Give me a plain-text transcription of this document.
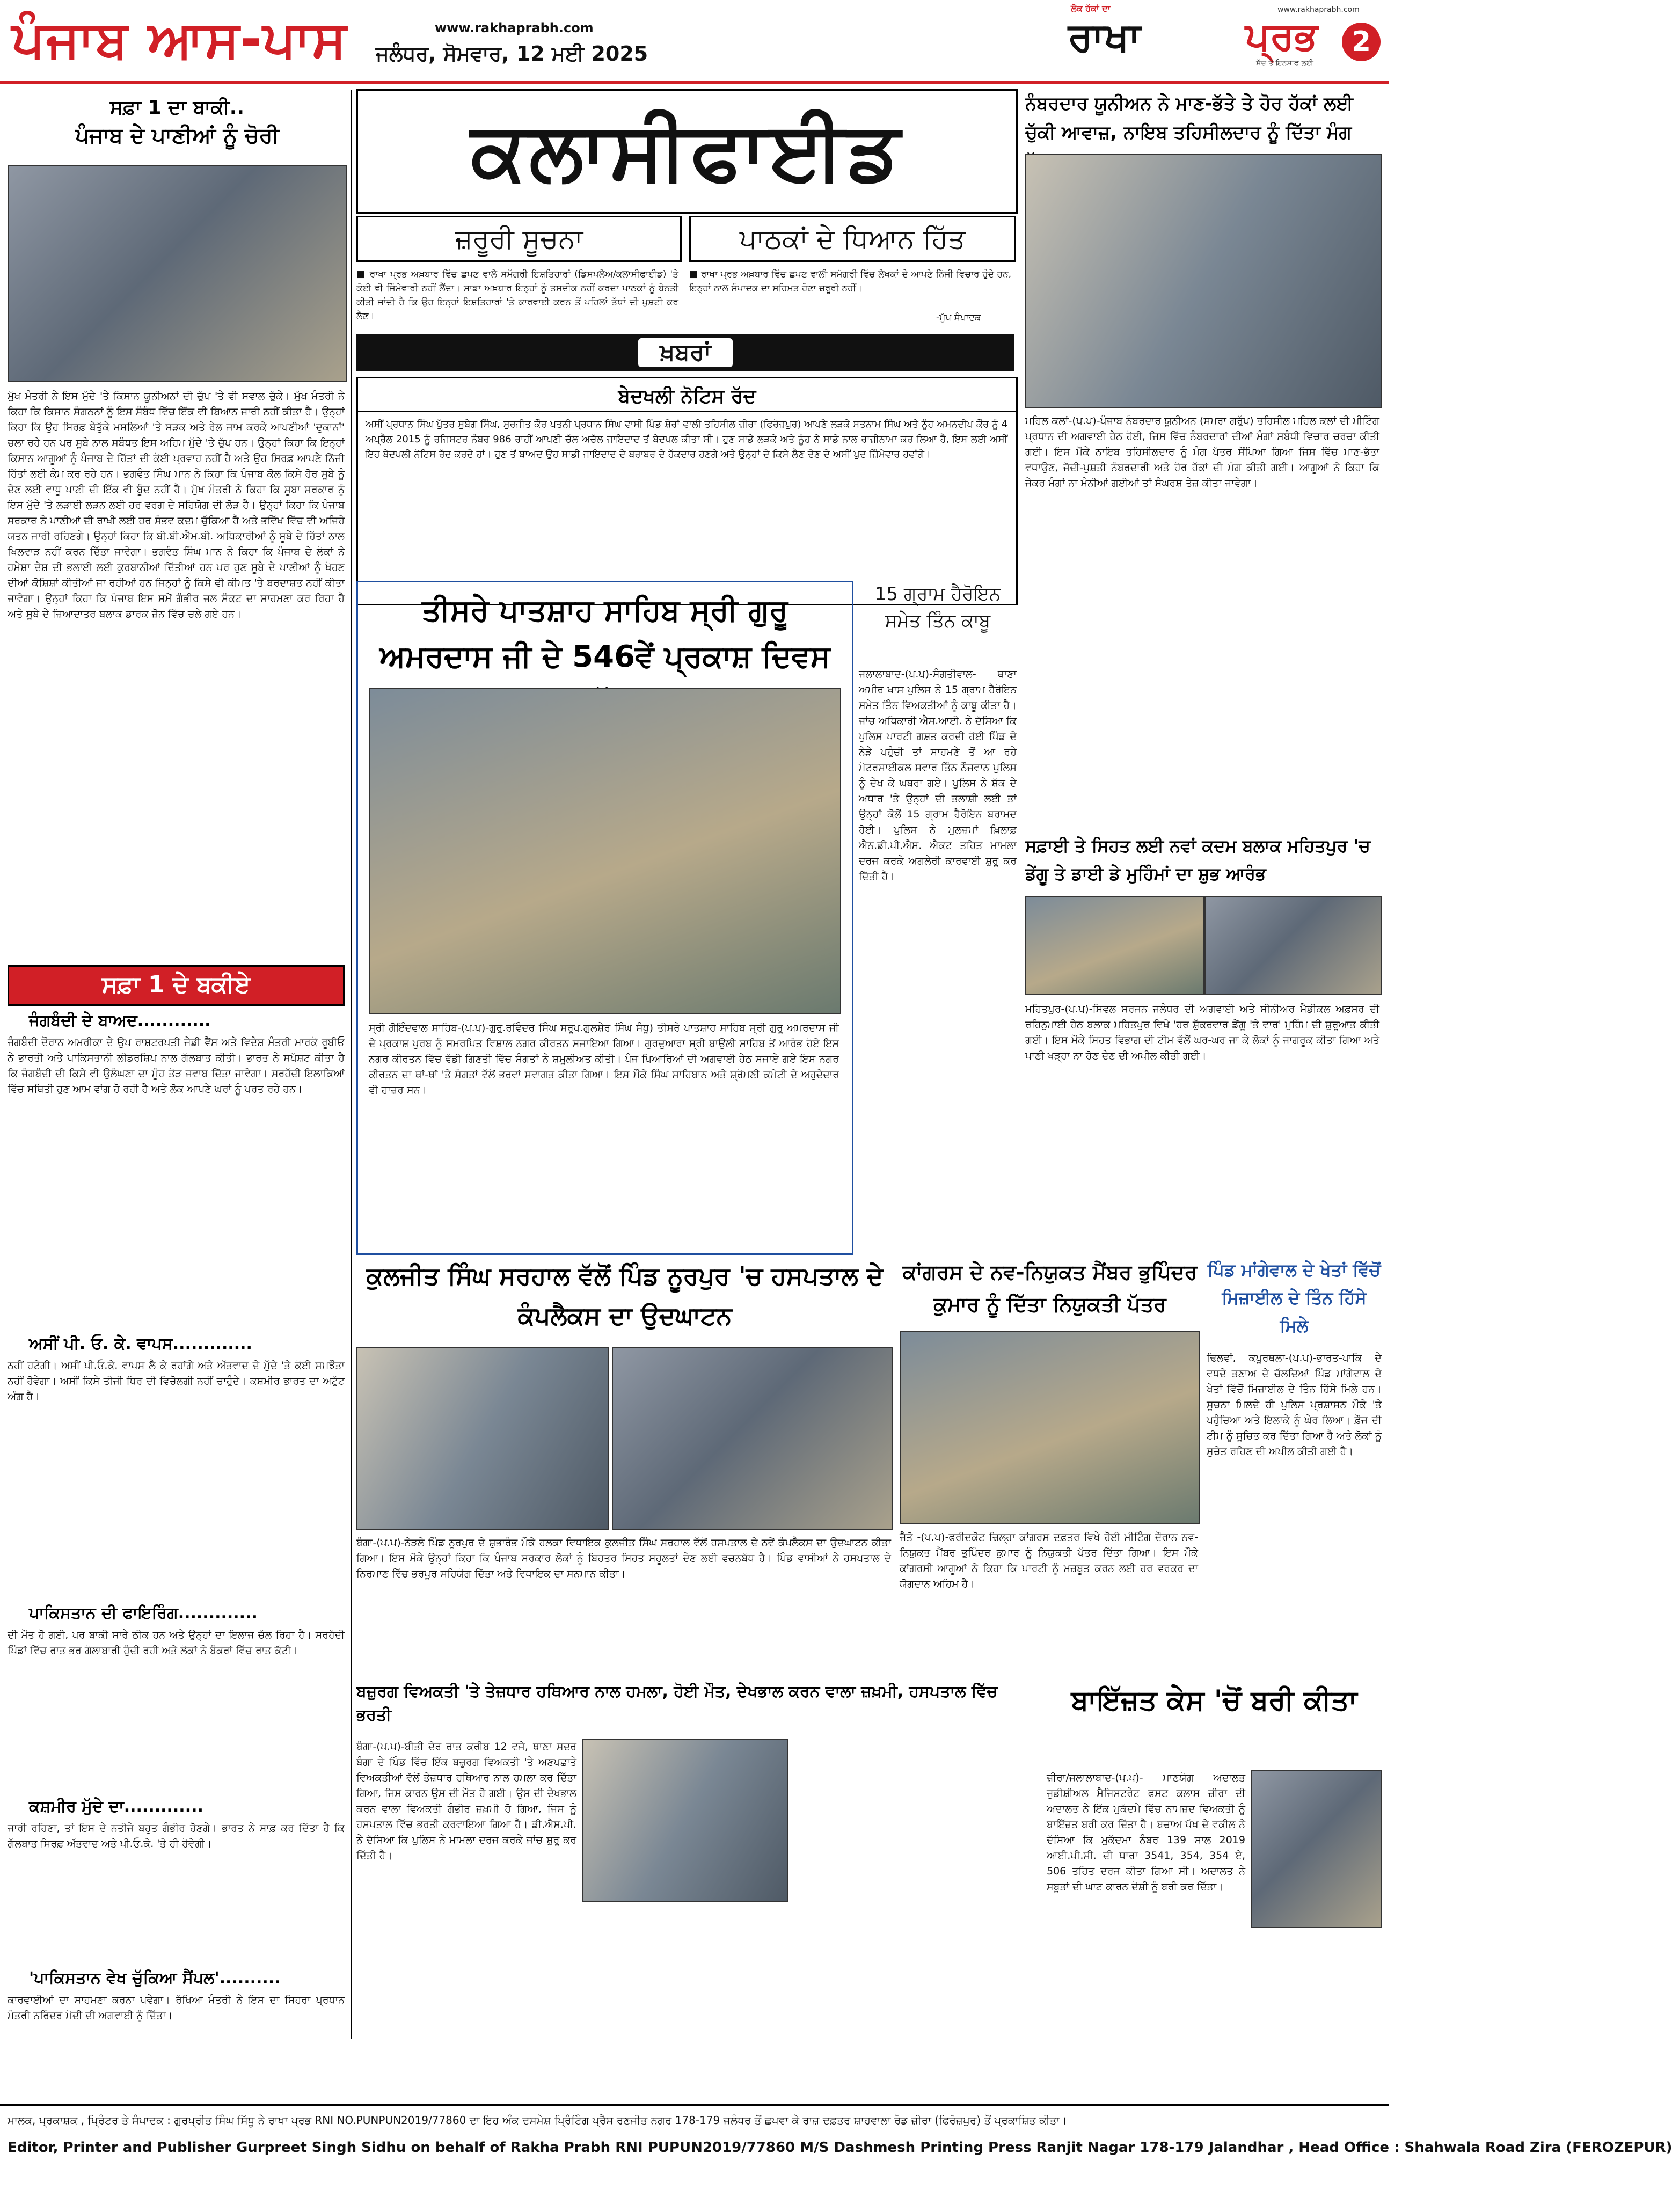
ਪੰਜਾਬ ਆਸ-ਪਾਸ	www.rakhaprabh.com
ਜਲੰਧਰ, ਸੋਮਵਾਰ, 12 ਮਈ 2025
ਲੋਕ ਹੱਕਾਂ ਦਾ
ਰਾਖਾ
www.rakhaprabh.com
ਪ੍ਰਭ
ਸੱਚ ਤੇ ਇਨਸਾਫ ਲਈ
2
ਸਫ਼ਾ 1 ਦਾ ਬਾਕੀ..
ਪੰਜਾਬ ਦੇ ਪਾਣੀਆਂ ਨੂੰ ਚੋਰੀ
ਮੁੱਖ ਮੰਤਰੀ ਨੇ ਇਸ ਮੁੱਦੇ 'ਤੇ ਕਿਸਾਨ ਯੂਨੀਅਨਾਂ ਦੀ ਚੁੱਪ 'ਤੇ ਵੀ ਸਵਾਲ ਚੁੱਕੇ। ਮੁੱਖ ਮੰਤਰੀ ਨੇ ਕਿਹਾ ਕਿ ਕਿਸਾਨ ਸੰਗਠਨਾਂ ਨੂੰ ਇਸ ਸੰਬੰਧ ਵਿੱਚ ਇੱਕ ਵੀ ਬਿਆਨ ਜਾਰੀ ਨਹੀਂ ਕੀਤਾ ਹੈ। ਉਨ੍ਹਾਂ ਕਿਹਾ ਕਿ ਉਹ ਸਿਰਫ਼ ਬੇਤੁੱਕੇ ਮਸਲਿਆਂ 'ਤੇ ਸੜਕ ਅਤੇ ਰੇਲ ਜਾਮ ਕਰਕੇ ਆਪਣੀਆਂ 'ਦੁਕਾਨਾਂ' ਚਲਾ ਰਹੇ ਹਨ ਪਰ ਸੂਬੇ ਨਾਲ ਸਬੰਧਤ ਇਸ ਅਹਿਮ ਮੁੱਦੇ 'ਤੇ ਚੁੱਪ ਹਨ। ਉਨ੍ਹਾਂ ਕਿਹਾ ਕਿ ਇਨ੍ਹਾਂ ਕਿਸਾਨ ਆਗੂਆਂ ਨੂੰ ਪੰਜਾਬ ਦੇ ਹਿੱਤਾਂ ਦੀ ਕੋਈ ਪ੍ਰਵਾਹ ਨਹੀਂ ਹੈ ਅਤੇ ਉਹ ਸਿਰਫ਼ ਆਪਣੇ ਨਿੱਜੀ ਹਿੱਤਾਂ ਲਈ ਕੰਮ ਕਰ ਰਹੇ ਹਨ। ਭਗਵੰਤ ਸਿੰਘ ਮਾਨ ਨੇ ਕਿਹਾ ਕਿ ਪੰਜਾਬ ਕੋਲ ਕਿਸੇ ਹੋਰ ਸੂਬੇ ਨੂੰ ਦੇਣ ਲਈ ਵਾਧੂ ਪਾਣੀ ਦੀ ਇੱਕ ਵੀ ਬੂੰਦ ਨਹੀਂ ਹੈ। ਮੁੱਖ ਮੰਤਰੀ ਨੇ ਕਿਹਾ ਕਿ ਸੂਬਾ ਸਰਕਾਰ ਨੂੰ ਇਸ ਮੁੱਦੇ 'ਤੇ ਲੜਾਈ ਲੜਨ ਲਈ ਹਰ ਵਰਗ ਦੇ ਸਹਿਯੋਗ ਦੀ ਲੋੜ ਹੈ। ਉਨ੍ਹਾਂ ਕਿਹਾ ਕਿ ਪੰਜਾਬ ਸਰਕਾਰ ਨੇ ਪਾਣੀਆਂ ਦੀ ਰਾਖੀ ਲਈ ਹਰ ਸੰਭਵ ਕਦਮ ਚੁੱਕਿਆ ਹੈ ਅਤੇ ਭਵਿੱਖ ਵਿੱਚ ਵੀ ਅਜਿਹੇ ਯਤਨ ਜਾਰੀ ਰਹਿਣਗੇ। ਉਨ੍ਹਾਂ ਕਿਹਾ ਕਿ ਬੀ.ਬੀ.ਐਮ.ਬੀ. ਅਧਿਕਾਰੀਆਂ ਨੂੰ ਸੂਬੇ ਦੇ ਹਿੱਤਾਂ ਨਾਲ ਖਿਲਵਾੜ ਨਹੀਂ ਕਰਨ ਦਿੱਤਾ ਜਾਵੇਗਾ। ਭਗਵੰਤ ਸਿੰਘ ਮਾਨ ਨੇ ਕਿਹਾ ਕਿ ਪੰਜਾਬ ਦੇ ਲੋਕਾਂ ਨੇ ਹਮੇਸ਼ਾ ਦੇਸ਼ ਦੀ ਭਲਾਈ ਲਈ ਕੁਰਬਾਨੀਆਂ ਦਿੱਤੀਆਂ ਹਨ ਪਰ ਹੁਣ ਸੂਬੇ ਦੇ ਪਾਣੀਆਂ ਨੂੰ ਖੋਹਣ ਦੀਆਂ ਕੋਸ਼ਿਸ਼ਾਂ ਕੀਤੀਆਂ ਜਾ ਰਹੀਆਂ ਹਨ ਜਿਨ੍ਹਾਂ ਨੂੰ ਕਿਸੇ ਵੀ ਕੀਮਤ 'ਤੇ ਬਰਦਾਸ਼ਤ ਨਹੀਂ ਕੀਤਾ ਜਾਵੇਗਾ। ਉਨ੍ਹਾਂ ਕਿਹਾ ਕਿ ਪੰਜਾਬ ਇਸ ਸਮੇਂ ਗੰਭੀਰ ਜਲ ਸੰਕਟ ਦਾ ਸਾਹਮਣਾ ਕਰ ਰਿਹਾ ਹੈ ਅਤੇ ਸੂਬੇ ਦੇ ਜ਼ਿਆਦਾਤਰ ਬਲਾਕ ਡਾਰਕ ਜ਼ੋਨ ਵਿੱਚ ਚਲੇ ਗਏ ਹਨ।
ਸਫ਼ਾ 1 ਦੇ ਬਕੀਏ
ਜੰਗਬੰਦੀ ਦੇ ਬਾਅਦ............
ਜੰਗਬੰਦੀ ਦੌਰਾਨ ਅਮਰੀਕਾ ਦੇ ਉਪ ਰਾਸ਼ਟਰਪਤੀ ਜੇਡੀ ਵੈਂਸ ਅਤੇ ਵਿਦੇਸ਼ ਮੰਤਰੀ ਮਾਰਕੋ ਰੂਬੀਓ ਨੇ ਭਾਰਤੀ ਅਤੇ ਪਾਕਿਸਤਾਨੀ ਲੀਡਰਸ਼ਿਪ ਨਾਲ ਗੱਲਬਾਤ ਕੀਤੀ। ਭਾਰਤ ਨੇ ਸਪੱਸ਼ਟ ਕੀਤਾ ਹੈ ਕਿ ਜੰਗਬੰਦੀ ਦੀ ਕਿਸੇ ਵੀ ਉਲੰਘਣਾ ਦਾ ਮੂੰਹ ਤੋੜ ਜਵਾਬ ਦਿੱਤਾ ਜਾਵੇਗਾ। ਸਰਹੱਦੀ ਇਲਾਕਿਆਂ ਵਿੱਚ ਸਥਿਤੀ ਹੁਣ ਆਮ ਵਾਂਗ ਹੋ ਰਹੀ ਹੈ ਅਤੇ ਲੋਕ ਆਪਣੇ ਘਰਾਂ ਨੂੰ ਪਰਤ ਰਹੇ ਹਨ।
ਅਸੀਂ ਪੀ. ਓ. ਕੇ. ਵਾਪਸ.............
ਨਹੀਂ ਹਟੇਗੀ। ਅਸੀਂ ਪੀ.ਓ.ਕੇ. ਵਾਪਸ ਲੈ ਕੇ ਰਹਾਂਗੇ ਅਤੇ ਅੱਤਵਾਦ ਦੇ ਮੁੱਦੇ 'ਤੇ ਕੋਈ ਸਮਝੌਤਾ ਨਹੀਂ ਹੋਵੇਗਾ। ਅਸੀਂ ਕਿਸੇ ਤੀਜੀ ਧਿਰ ਦੀ ਵਿਚੋਲਗੀ ਨਹੀਂ ਚਾਹੁੰਦੇ। ਕਸ਼ਮੀਰ ਭਾਰਤ ਦਾ ਅਟੁੱਟ ਅੰਗ ਹੈ।
ਪਾਕਿਸਤਾਨ ਦੀ ਫਾਇਰਿੰਗ.............
ਦੀ ਮੌਤ ਹੋ ਗਈ, ਪਰ ਬਾਕੀ ਸਾਰੇ ਠੀਕ ਹਨ ਅਤੇ ਉਨ੍ਹਾਂ ਦਾ ਇਲਾਜ ਚੱਲ ਰਿਹਾ ਹੈ। ਸਰਹੱਦੀ ਪਿੰਡਾਂ ਵਿੱਚ ਰਾਤ ਭਰ ਗੋਲਾਬਾਰੀ ਹੁੰਦੀ ਰਹੀ ਅਤੇ ਲੋਕਾਂ ਨੇ ਬੰਕਰਾਂ ਵਿੱਚ ਰਾਤ ਕੱਟੀ।
ਕਸ਼ਮੀਰ ਮੁੱਦੇ ਦਾ.............
ਜਾਰੀ ਰਹਿਣਾ, ਤਾਂ ਇਸ ਦੇ ਨਤੀਜੇ ਬਹੁਤ ਗੰਭੀਰ ਹੋਣਗੇ। ਭਾਰਤ ਨੇ ਸਾਫ਼ ਕਰ ਦਿੱਤਾ ਹੈ ਕਿ ਗੱਲਬਾਤ ਸਿਰਫ਼ ਅੱਤਵਾਦ ਅਤੇ ਪੀ.ਓ.ਕੇ. 'ਤੇ ਹੀ ਹੋਵੇਗੀ।
'ਪਾਕਿਸਤਾਨ ਵੇਖ ਚੁੱਕਿਆ ਸੈਂਪਲ'..........
ਕਾਰਵਾਈਆਂ ਦਾ ਸਾਹਮਣਾ ਕਰਨਾ ਪਵੇਗਾ। ਰੱਖਿਆ ਮੰਤਰੀ ਨੇ ਇਸ ਦਾ ਸਿਹਰਾ ਪ੍ਰਧਾਨ ਮੰਤਰੀ ਨਰਿੰਦਰ ਮੋਦੀ ਦੀ ਅਗਵਾਈ ਨੂੰ ਦਿੱਤਾ।
ਕਲਾਸੀਫਾਈਡ
ਜ਼ਰੂਰੀ ਸੂਚਨਾ	ਪਾਠਕਾਂ ਦੇ ਧਿਆਨ ਹਿੱਤ
■ ਰਾਖਾ ਪ੍ਰਭ ਅਖ਼ਬਾਰ ਵਿੱਚ ਛਪਣ ਵਾਲੇ ਸਮੱਗਰੀ ਇਸ਼ਤਿਹਾਰਾਂ (ਡਿਸਪਲੇਅ/ਕਲਾਸੀਫਾਈਡ) 'ਤੇ ਕੋਈ ਵੀ ਜਿੰਮੇਵਾਰੀ ਨਹੀਂ ਲੈਂਦਾ। ਸਾਡਾ ਅਖ਼ਬਾਰ ਇਨ੍ਹਾਂ ਨੂੰ ਤਸਦੀਕ ਨਹੀਂ ਕਰਦਾ ਪਾਠਕਾਂ ਨੂੰ ਬੇਨਤੀ ਕੀਤੀ ਜਾਂਦੀ ਹੈ ਕਿ ਉਹ ਇਨ੍ਹਾਂ ਇਸ਼ਤਿਹਾਰਾਂ 'ਤੇ ਕਾਰਵਾਈ ਕਰਨ ਤੋਂ ਪਹਿਲਾਂ ਤੱਥਾਂ ਦੀ ਪੁਸ਼ਟੀ ਕਰ ਲੈਣ।
■ ਰਾਖਾ ਪ੍ਰਭ ਅਖ਼ਬਾਰ ਵਿੱਚ ਛਪਣ ਵਾਲੀ ਸਮੱਗਰੀ ਵਿੱਚ ਲੇਖਕਾਂ ਦੇ ਆਪਣੇ ਨਿੱਜੀ ਵਿਚਾਰ ਹੁੰਦੇ ਹਨ, ਇਨ੍ਹਾਂ ਨਾਲ ਸੰਪਾਦਕ ਦਾ ਸਹਿਮਤ ਹੋਣਾ ਜ਼ਰੂਰੀ ਨਹੀਂ।
-ਮੁੱਖ ਸੰਪਾਦਕ
ਖ਼ਬਰਾਂ
ਬੇਦਖਲੀ ਨੋਟਿਸ ਰੱਦ
ਅਸੀਂ ਪ੍ਰਧਾਨ ਸਿੰਘ ਪੁੱਤਰ ਸੁਬੇਗ ਸਿੰਘ, ਸੁਰਜੀਤ ਕੌਰ ਪਤਨੀ ਪ੍ਰਧਾਨ ਸਿੰਘ ਵਾਸੀ ਪਿੰਡ ਸ਼ੇਰਾਂ ਵਾਲੀ ਤਹਿਸੀਲ ਜ਼ੀਰਾ (ਫਿਰੋਜ਼ਪੁਰ) ਆਪਣੇ ਲੜਕੇ ਸਤਨਾਮ ਸਿੰਘ ਅਤੇ ਨੂੰਹ ਅਮਨਦੀਪ ਕੌਰ ਨੂੰ 4 ਅਪ੍ਰੈਲ 2015 ਨੂੰ ਰਜਿਸਟਰ ਨੰਬਰ 986 ਰਾਹੀਂ ਆਪਣੀ ਚੱਲ ਅਚੱਲ ਜਾਇਦਾਦ ਤੋਂ ਬੇਦਖਲ ਕੀਤਾ ਸੀ। ਹੁਣ ਸਾਡੇ ਲੜਕੇ ਅਤੇ ਨੂੰਹ ਨੇ ਸਾਡੇ ਨਾਲ ਰਾਜ਼ੀਨਾਮਾ ਕਰ ਲਿਆ ਹੈ, ਇਸ ਲਈ ਅਸੀਂ ਇਹ ਬੇਦਖਲੀ ਨੋਟਿਸ ਰੱਦ ਕਰਦੇ ਹਾਂ। ਹੁਣ ਤੋਂ ਬਾਅਦ ਉਹ ਸਾਡੀ ਜਾਇਦਾਦ ਦੇ ਬਰਾਬਰ ਦੇ ਹੱਕਦਾਰ ਹੋਣਗੇ ਅਤੇ ਉਨ੍ਹਾਂ ਦੇ ਕਿਸੇ ਲੈਣ ਦੇਣ ਦੇ ਅਸੀਂ ਖੁਦ ਜ਼ਿੰਮੇਵਾਰ ਹੋਵਾਂਗੇ।
ਤੀਸਰੇ ਪਾਤਸ਼ਾਹ ਸਾਹਿਬ ਸ੍ਰੀ ਗੁਰੂ ਅਮਰਦਾਸ ਜੀ ਦੇ 546ਵੇਂ ਪ੍ਰਕਾਸ਼ ਦਿਵਸ
ਸ੍ਰੀ ਗੋਇੰਦਵਾਲ ਸਾਹਿਬ-(ਪ.ਪ)-ਗੁਰੁ.ਰਵਿੰਦਰ ਸਿੰਘ ਸਰੂਪ.ਗੁਲਸ਼ੇਰ ਸਿੰਘ ਸੰਧੂ) ਤੀਸਰੇ ਪਾਤਸ਼ਾਹ ਸਾਹਿਬ ਸ੍ਰੀ ਗੁਰੂ ਅਮਰਦਾਸ ਜੀ ਦੇ ਪ੍ਰਕਾਸ਼ ਪੁਰਬ ਨੂੰ ਸਮਰਪਿਤ ਵਿਸ਼ਾਲ ਨਗਰ ਕੀਰਤਨ ਸਜਾਇਆ ਗਿਆ। ਗੁਰਦੁਆਰਾ ਸ੍ਰੀ ਬਾਉਲੀ ਸਾਹਿਬ ਤੋਂ ਆਰੰਭ ਹੋਏ ਇਸ ਨਗਰ ਕੀਰਤਨ ਵਿੱਚ ਵੱਡੀ ਗਿਣਤੀ ਵਿੱਚ ਸੰਗਤਾਂ ਨੇ ਸ਼ਮੂਲੀਅਤ ਕੀਤੀ। ਪੰਜ ਪਿਆਰਿਆਂ ਦੀ ਅਗਵਾਈ ਹੇਠ ਸਜਾਏ ਗਏ ਇਸ ਨਗਰ ਕੀਰਤਨ ਦਾ ਥਾਂ-ਥਾਂ 'ਤੇ ਸੰਗਤਾਂ ਵੱਲੋਂ ਭਰਵਾਂ ਸਵਾਗਤ ਕੀਤਾ ਗਿਆ। ਇਸ ਮੌਕੇ ਸਿੰਘ ਸਾਹਿਬਾਨ ਅਤੇ ਸ਼੍ਰੋਮਣੀ ਕਮੇਟੀ ਦੇ ਅਹੁਦੇਦਾਰ ਵੀ ਹਾਜ਼ਰ ਸਨ।
15 ਗ੍ਰਾਮ ਹੈਰੋਇਨ ਸਮੇਤ ਤਿੰਨ ਕਾਬੂ
ਜਲਾਲਾਬਾਦ-(ਪ.ਪ)-ਸੰਗਤੀਵਾਲ- ਥਾਣਾ ਅਮੀਰ ਖਾਸ ਪੁਲਿਸ ਨੇ 15 ਗ੍ਰਾਮ ਹੈਰੋਇਨ ਸਮੇਤ ਤਿੰਨ ਵਿਅਕਤੀਆਂ ਨੂੰ ਕਾਬੂ ਕੀਤਾ ਹੈ। ਜਾਂਚ ਅਧਿਕਾਰੀ ਐਸ.ਆਈ. ਨੇ ਦੱਸਿਆ ਕਿ ਪੁਲਿਸ ਪਾਰਟੀ ਗਸ਼ਤ ਕਰਦੀ ਹੋਈ ਪਿੰਡ ਦੇ ਨੇੜੇ ਪਹੁੰਚੀ ਤਾਂ ਸਾਹਮਣੇ ਤੋਂ ਆ ਰਹੇ ਮੋਟਰਸਾਈਕਲ ਸਵਾਰ ਤਿੰਨ ਨੌਜਵਾਨ ਪੁਲਿਸ ਨੂੰ ਦੇਖ ਕੇ ਘਬਰਾ ਗਏ। ਪੁਲਿਸ ਨੇ ਸ਼ੱਕ ਦੇ ਅਧਾਰ 'ਤੇ ਉਨ੍ਹਾਂ ਦੀ ਤਲਾਸ਼ੀ ਲਈ ਤਾਂ ਉਨ੍ਹਾਂ ਕੋਲੋਂ 15 ਗ੍ਰਾਮ ਹੈਰੋਇਨ ਬਰਾਮਦ ਹੋਈ। ਪੁਲਿਸ ਨੇ ਮੁਲਜ਼ਮਾਂ ਖ਼ਿਲਾਫ਼ ਐਨ.ਡੀ.ਪੀ.ਐਸ. ਐਕਟ ਤਹਿਤ ਮਾਮਲਾ ਦਰਜ ਕਰਕੇ ਅਗਲੇਰੀ ਕਾਰਵਾਈ ਸ਼ੁਰੂ ਕਰ ਦਿੱਤੀ ਹੈ।
ਕੁਲਜੀਤ ਸਿੰਘ ਸਰਹਾਲ ਵੱਲੋਂ ਪਿੰਡ ਨੂਰਪੁਰ 'ਚ ਹਸਪਤਾਲ ਦੇ ਕੰਪਲੈਕਸ ਦਾ ਉਦਘਾਟਨ
ਬੰਗਾ-(ਪ.ਪ)-ਨੇੜਲੇ ਪਿੰਡ ਨੂਰਪੁਰ ਦੇ ਸ਼ੁਭਾਰੰਭ ਮੌਕੇ ਹਲਕਾ ਵਿਧਾਇਕ ਕੁਲਜੀਤ ਸਿੰਘ ਸਰਹਾਲ ਵੱਲੋਂ ਹਸਪਤਾਲ ਦੇ ਨਵੇਂ ਕੰਪਲੈਕਸ ਦਾ ਉਦਘਾਟਨ ਕੀਤਾ ਗਿਆ। ਇਸ ਮੌਕੇ ਉਨ੍ਹਾਂ ਕਿਹਾ ਕਿ ਪੰਜਾਬ ਸਰਕਾਰ ਲੋਕਾਂ ਨੂੰ ਬਿਹਤਰ ਸਿਹਤ ਸਹੂਲਤਾਂ ਦੇਣ ਲਈ ਵਚਨਬੱਧ ਹੈ। ਪਿੰਡ ਵਾਸੀਆਂ ਨੇ ਹਸਪਤਾਲ ਦੇ ਨਿਰਮਾਣ ਵਿੱਚ ਭਰਪੂਰ ਸਹਿਯੋਗ ਦਿੱਤਾ ਅਤੇ ਵਿਧਾਇਕ ਦਾ ਸਨਮਾਨ ਕੀਤਾ।
ਕਾਂਗਰਸ ਦੇ ਨਵ-ਨਿਯੁਕਤ ਮੈਂਬਰ ਭੁਪਿੰਦਰ ਕੁਮਾਰ ਨੂੰ ਦਿੱਤਾ ਨਿਯੁਕਤੀ ਪੱਤਰ
ਜੈਤੋ -(ਪ.ਪ)-ਫਰੀਦਕੋਟ ਜ਼ਿਲ੍ਹਾ ਕਾਂਗਰਸ ਦਫ਼ਤਰ ਵਿਖੇ ਹੋਈ ਮੀਟਿੰਗ ਦੌਰਾਨ ਨਵ-ਨਿਯੁਕਤ ਮੈਂਬਰ ਭੁਪਿੰਦਰ ਕੁਮਾਰ ਨੂੰ ਨਿਯੁਕਤੀ ਪੱਤਰ ਦਿੱਤਾ ਗਿਆ। ਇਸ ਮੌਕੇ ਕਾਂਗਰਸੀ ਆਗੂਆਂ ਨੇ ਕਿਹਾ ਕਿ ਪਾਰਟੀ ਨੂੰ ਮਜ਼ਬੂਤ ਕਰਨ ਲਈ ਹਰ ਵਰਕਰ ਦਾ ਯੋਗਦਾਨ ਅਹਿਮ ਹੈ।
ਨੰਬਰਦਾਰ ਯੂਨੀਅਨ ਨੇ ਮਾਣ-ਭੱਤੇ ਤੇ ਹੋਰ ਹੱਕਾਂ ਲਈ ਚੁੱਕੀ ਆਵਾਜ਼, ਨਾਇਬ ਤਹਿਸੀਲਦਾਰ ਨੂੰ ਦਿੱਤਾ ਮੰਗ
ਮਹਿਲ ਕਲਾਂ-(ਪ.ਪ)-ਪੰਜਾਬ ਨੰਬਰਦਾਰ ਯੂਨੀਅਨ (ਸਮਰਾ ਗਰੁੱਪ) ਤਹਿਸੀਲ ਮਹਿਲ ਕਲਾਂ ਦੀ ਮੀਟਿੰਗ ਪ੍ਰਧਾਨ ਦੀ ਅਗਵਾਈ ਹੇਠ ਹੋਈ, ਜਿਸ ਵਿੱਚ ਨੰਬਰਦਾਰਾਂ ਦੀਆਂ ਮੰਗਾਂ ਸਬੰਧੀ ਵਿਚਾਰ ਚਰਚਾ ਕੀਤੀ ਗਈ। ਇਸ ਮੌਕੇ ਨਾਇਬ ਤਹਿਸੀਲਦਾਰ ਨੂੰ ਮੰਗ ਪੱਤਰ ਸੌਂਪਿਆ ਗਿਆ ਜਿਸ ਵਿੱਚ ਮਾਣ-ਭੱਤਾ ਵਧਾਉਣ, ਜੱਦੀ-ਪੁਸ਼ਤੀ ਨੰਬਰਦਾਰੀ ਅਤੇ ਹੋਰ ਹੱਕਾਂ ਦੀ ਮੰਗ ਕੀਤੀ ਗਈ। ਆਗੂਆਂ ਨੇ ਕਿਹਾ ਕਿ ਜੇਕਰ ਮੰਗਾਂ ਨਾ ਮੰਨੀਆਂ ਗਈਆਂ ਤਾਂ ਸੰਘਰਸ਼ ਤੇਜ਼ ਕੀਤਾ ਜਾਵੇਗਾ।
ਸਫ਼ਾਈ ਤੇ ਸਿਹਤ ਲਈ ਨਵਾਂ ਕਦਮ ਬਲਾਕ ਮਹਿਤਪੁਰ 'ਚ ਡੇਂਗੂ ਤੇ ਡਾਈ ਡੇ ਮੁਹਿੰਮਾਂ ਦਾ ਸ਼ੁਭ ਆਰੰਭ
ਮਹਿਤਪੁਰ-(ਪ.ਪ)-ਸਿਵਲ ਸਰਜਨ ਜਲੰਧਰ ਦੀ ਅਗਵਾਈ ਅਤੇ ਸੀਨੀਅਰ ਮੈਡੀਕਲ ਅਫ਼ਸਰ ਦੀ ਰਹਿਨੁਮਾਈ ਹੇਠ ਬਲਾਕ ਮਹਿਤਪੁਰ ਵਿਖੇ 'ਹਰ ਸ਼ੁੱਕਰਵਾਰ ਡੇਂਗੂ 'ਤੇ ਵਾਰ' ਮੁਹਿੰਮ ਦੀ ਸ਼ੁਰੂਆਤ ਕੀਤੀ ਗਈ। ਇਸ ਮੌਕੇ ਸਿਹਤ ਵਿਭਾਗ ਦੀ ਟੀਮ ਵੱਲੋਂ ਘਰ-ਘਰ ਜਾ ਕੇ ਲੋਕਾਂ ਨੂੰ ਜਾਗਰੂਕ ਕੀਤਾ ਗਿਆ ਅਤੇ ਪਾਣੀ ਖੜ੍ਹਾ ਨਾ ਹੋਣ ਦੇਣ ਦੀ ਅਪੀਲ ਕੀਤੀ ਗਈ।
ਪਿੰਡ ਮਾਂਗੇਵਾਲ ਦੇ ਖੇਤਾਂ ਵਿੱਚੋਂ ਮਿਜ਼ਾਈਲ ਦੇ ਤਿੰਨ ਹਿੱਸੇ ਮਿਲੇ
ਢਿਲਵਾਂ, ਕਪੂਰਥਲਾ-(ਪ.ਪ)-ਭਾਰਤ-ਪਾਕਿ ਦੇ ਵਧਦੇ ਤਣਾਅ ਦੇ ਚੱਲਦਿਆਂ ਪਿੰਡ ਮਾਂਗੇਵਾਲ ਦੇ ਖੇਤਾਂ ਵਿੱਚੋਂ ਮਿਜ਼ਾਈਲ ਦੇ ਤਿੰਨ ਹਿੱਸੇ ਮਿਲੇ ਹਨ। ਸੂਚਨਾ ਮਿਲਦੇ ਹੀ ਪੁਲਿਸ ਪ੍ਰਸ਼ਾਸਨ ਮੌਕੇ 'ਤੇ ਪਹੁੰਚਿਆ ਅਤੇ ਇਲਾਕੇ ਨੂੰ ਘੇਰ ਲਿਆ। ਫ਼ੌਜ ਦੀ ਟੀਮ ਨੂੰ ਸੂਚਿਤ ਕਰ ਦਿੱਤਾ ਗਿਆ ਹੈ ਅਤੇ ਲੋਕਾਂ ਨੂੰ ਸੁਚੇਤ ਰਹਿਣ ਦੀ ਅਪੀਲ ਕੀਤੀ ਗਈ ਹੈ।
ਬਜ਼ੁਰਗ ਵਿਅਕਤੀ 'ਤੇ ਤੇਜ਼ਧਾਰ ਹਥਿਆਰ ਨਾਲ ਹਮਲਾ, ਹੋਈ ਮੌਤ, ਦੇਖਭਾਲ ਕਰਨ ਵਾਲਾ ਜ਼ਖ਼ਮੀ, ਹਸਪਤਾਲ ਵਿੱਚ ਭਰਤੀ
ਬੰਗਾ-(ਪ.ਪ)-ਬੀਤੀ ਦੇਰ ਰਾਤ ਕਰੀਬ 12 ਵਜੇ, ਥਾਣਾ ਸਦਰ ਬੰਗਾ ਦੇ ਪਿੰਡ ਵਿੱਚ ਇੱਕ ਬਜ਼ੁਰਗ ਵਿਅਕਤੀ 'ਤੇ ਅਣਪਛਾਤੇ ਵਿਅਕਤੀਆਂ ਵੱਲੋਂ ਤੇਜ਼ਧਾਰ ਹਥਿਆਰ ਨਾਲ ਹਮਲਾ ਕਰ ਦਿੱਤਾ ਗਿਆ, ਜਿਸ ਕਾਰਨ ਉਸ ਦੀ ਮੌਤ ਹੋ ਗਈ। ਉਸ ਦੀ ਦੇਖਭਾਲ ਕਰਨ ਵਾਲਾ ਵਿਅਕਤੀ ਗੰਭੀਰ ਜ਼ਖ਼ਮੀ ਹੋ ਗਿਆ, ਜਿਸ ਨੂੰ ਹਸਪਤਾਲ ਵਿੱਚ ਭਰਤੀ ਕਰਵਾਇਆ ਗਿਆ ਹੈ। ਡੀ.ਐਸ.ਪੀ. ਨੇ ਦੱਸਿਆ ਕਿ ਪੁਲਿਸ ਨੇ ਮਾਮਲਾ ਦਰਜ ਕਰਕੇ ਜਾਂਚ ਸ਼ੁਰੂ ਕਰ ਦਿੱਤੀ ਹੈ।
ਬਾਇੱਜ਼ਤ ਕੇਸ 'ਚੋਂ ਬਰੀ ਕੀਤਾ
ਜ਼ੀਰਾ/ਜਲਾਲਾਬਾਦ-(ਪ.ਪ)- ਮਾਣਯੋਗ ਅਦਾਲਤ ਜੁਡੀਸ਼ੀਅਲ ਮੈਜਿਸਟਰੇਟ ਫਸਟ ਕਲਾਸ ਜ਼ੀਰਾ ਦੀ ਅਦਾਲਤ ਨੇ ਇੱਕ ਮੁਕੱਦਮੇ ਵਿੱਚ ਨਾਮਜ਼ਦ ਵਿਅਕਤੀ ਨੂੰ ਬਾਇੱਜ਼ਤ ਬਰੀ ਕਰ ਦਿੱਤਾ ਹੈ। ਬਚਾਅ ਪੱਖ ਦੇ ਵਕੀਲ ਨੇ ਦੱਸਿਆ ਕਿ ਮੁਕੱਦਮਾ ਨੰਬਰ 139 ਸਾਲ 2019 ਆਈ.ਪੀ.ਸੀ. ਦੀ ਧਾਰਾ 3541, 354, 354 ਏ, 506 ਤਹਿਤ ਦਰਜ ਕੀਤਾ ਗਿਆ ਸੀ। ਅਦਾਲਤ ਨੇ ਸਬੂਤਾਂ ਦੀ ਘਾਟ ਕਾਰਨ ਦੋਸ਼ੀ ਨੂੰ ਬਰੀ ਕਰ ਦਿੱਤਾ।
ਮਾਲਕ, ਪ੍ਰਕਾਸ਼ਕ , ਪ੍ਰਿੰਟਰ ਤੇ ਸੰਪਾਦਕ : ਗੁਰਪ੍ਰੀਤ ਸਿੰਘ ਸਿੱਧੂ ਨੇ ਰਾਖਾ ਪ੍ਰਭ RNI NO.PUNPUN2019/77860 ਦਾ ਇਹ ਅੰਕ ਦਸਮੇਸ਼ ਪ੍ਰਿੰਟਿੰਗ ਪ੍ਰੈਸ ਰਣਜੀਤ ਨਗਰ 178-179 ਜਲੰਧਰ ਤੋਂ ਛਪਵਾ ਕੇ ਰਾਜ਼ ਦਫ਼ਤਰ ਸ਼ਾਹਵਾਲਾ ਰੋਡ ਜ਼ੀਰਾ (ਫਿਰੋਜ਼ਪੁਰ) ਤੋਂ ਪ੍ਰਕਾਸ਼ਿਤ ਕੀਤਾ।
Editor, Printer and Publisher Gurpreet Singh Sidhu on behalf of Rakha Prabh RNI PUPUN2019/77860 M/S Dashmesh Printing Press Ranjit Nagar 178-179 Jalandhar , Head Office : Shahwala Road Zira (FEROZEPUR)
